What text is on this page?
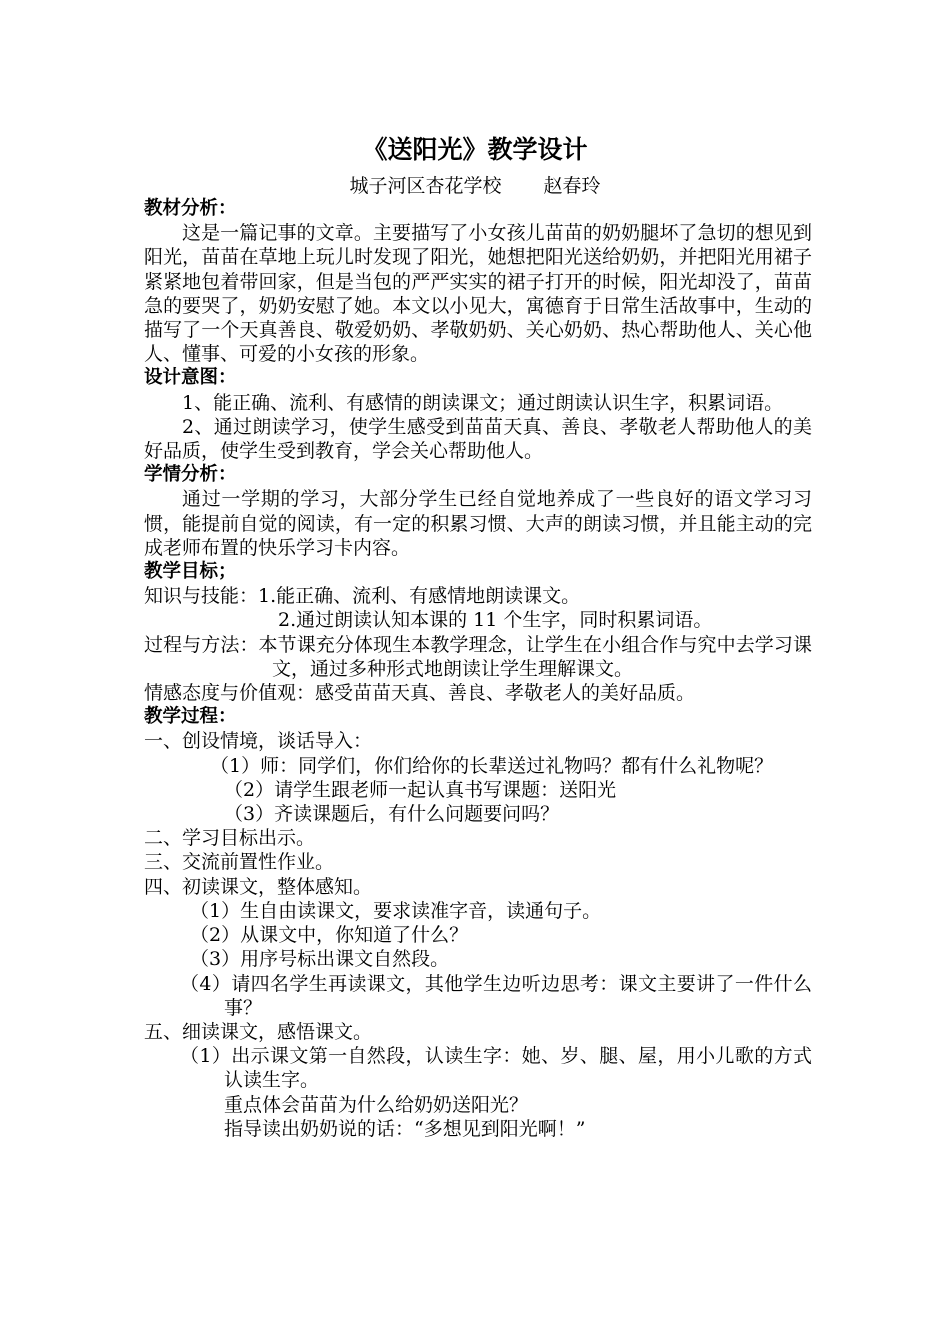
《送阳光》教学设计
城子河区杏花学校 赵春玲
教材分析：
这是一篇记事的文章。主要描写了小女孩儿苗苗的奶奶腿坏了急切的想见到阳光，苗苗在草地上玩儿时发现了阳光，她想把阳光送给奶奶，并把阳光用裙子紧紧地包着带回家，但是当包的严严实实的裙子打开的时候，阳光却没了，苗苗急的要哭了，奶奶安慰了她。本文以小见大，寓德育于日常生活故事中，生动的描写了一个天真善良、敬爱奶奶、孝敬奶奶、关心奶奶、热心帮助他人、关心他人、懂事、可爱的小女孩的形象。
设计意图：
1、能正确、流利、有感情的朗读课文；通过朗读认识生字，积累词语。
2、通过朗读学习，使学生感受到苗苗天真、善良、孝敬老人帮助他人的美好品质，使学生受到教育，学会关心帮助他人。
学情分析：
通过一学期的学习，大部分学生已经自觉地养成了一些良好的语文学习习惯，能提前自觉的阅读，有一定的积累习惯、大声的朗读习惯，并且能主动的完成老师布置的快乐学习卡内容。
教学目标；
知识与技能：1.能正确、流利、有感情地朗读课文。
2.通过朗读认知本课的 11 个生字，同时积累词语。
过程与方法：本节课充分体现生本教学理念，让学生在小组合作与究中去学习课文，通过多种形式地朗读让学生理解课文。
情感态度与价值观：感受苗苗天真、善良、孝敬老人的美好品质。
教学过程：
一、创设情境，谈话导入：
（1）师：同学们，你们给你的长辈送过礼物吗？都有什么礼物呢？
（2）请学生跟老师一起认真书写课题：送阳光
（3）齐读课题后，有什么问题要问吗？
二、学习目标出示。
三、交流前置性作业。
四、初读课文，整体感知。
（1）生自由读课文，要求读准字音，读通句子。
（2）从课文中，你知道了什么？
（3）用序号标出课文自然段。
（4）请四名学生再读课文，其他学生边听边思考：课文主要讲了一件什么事？
五、细读课文，感悟课文。
（1）出示课文第一自然段，认读生字：她、岁、腿、屋，用小儿歌的方式认读生字。
重点体会苗苗为什么给奶奶送阳光？
指导读出奶奶说的话：“多想见到阳光啊！”
